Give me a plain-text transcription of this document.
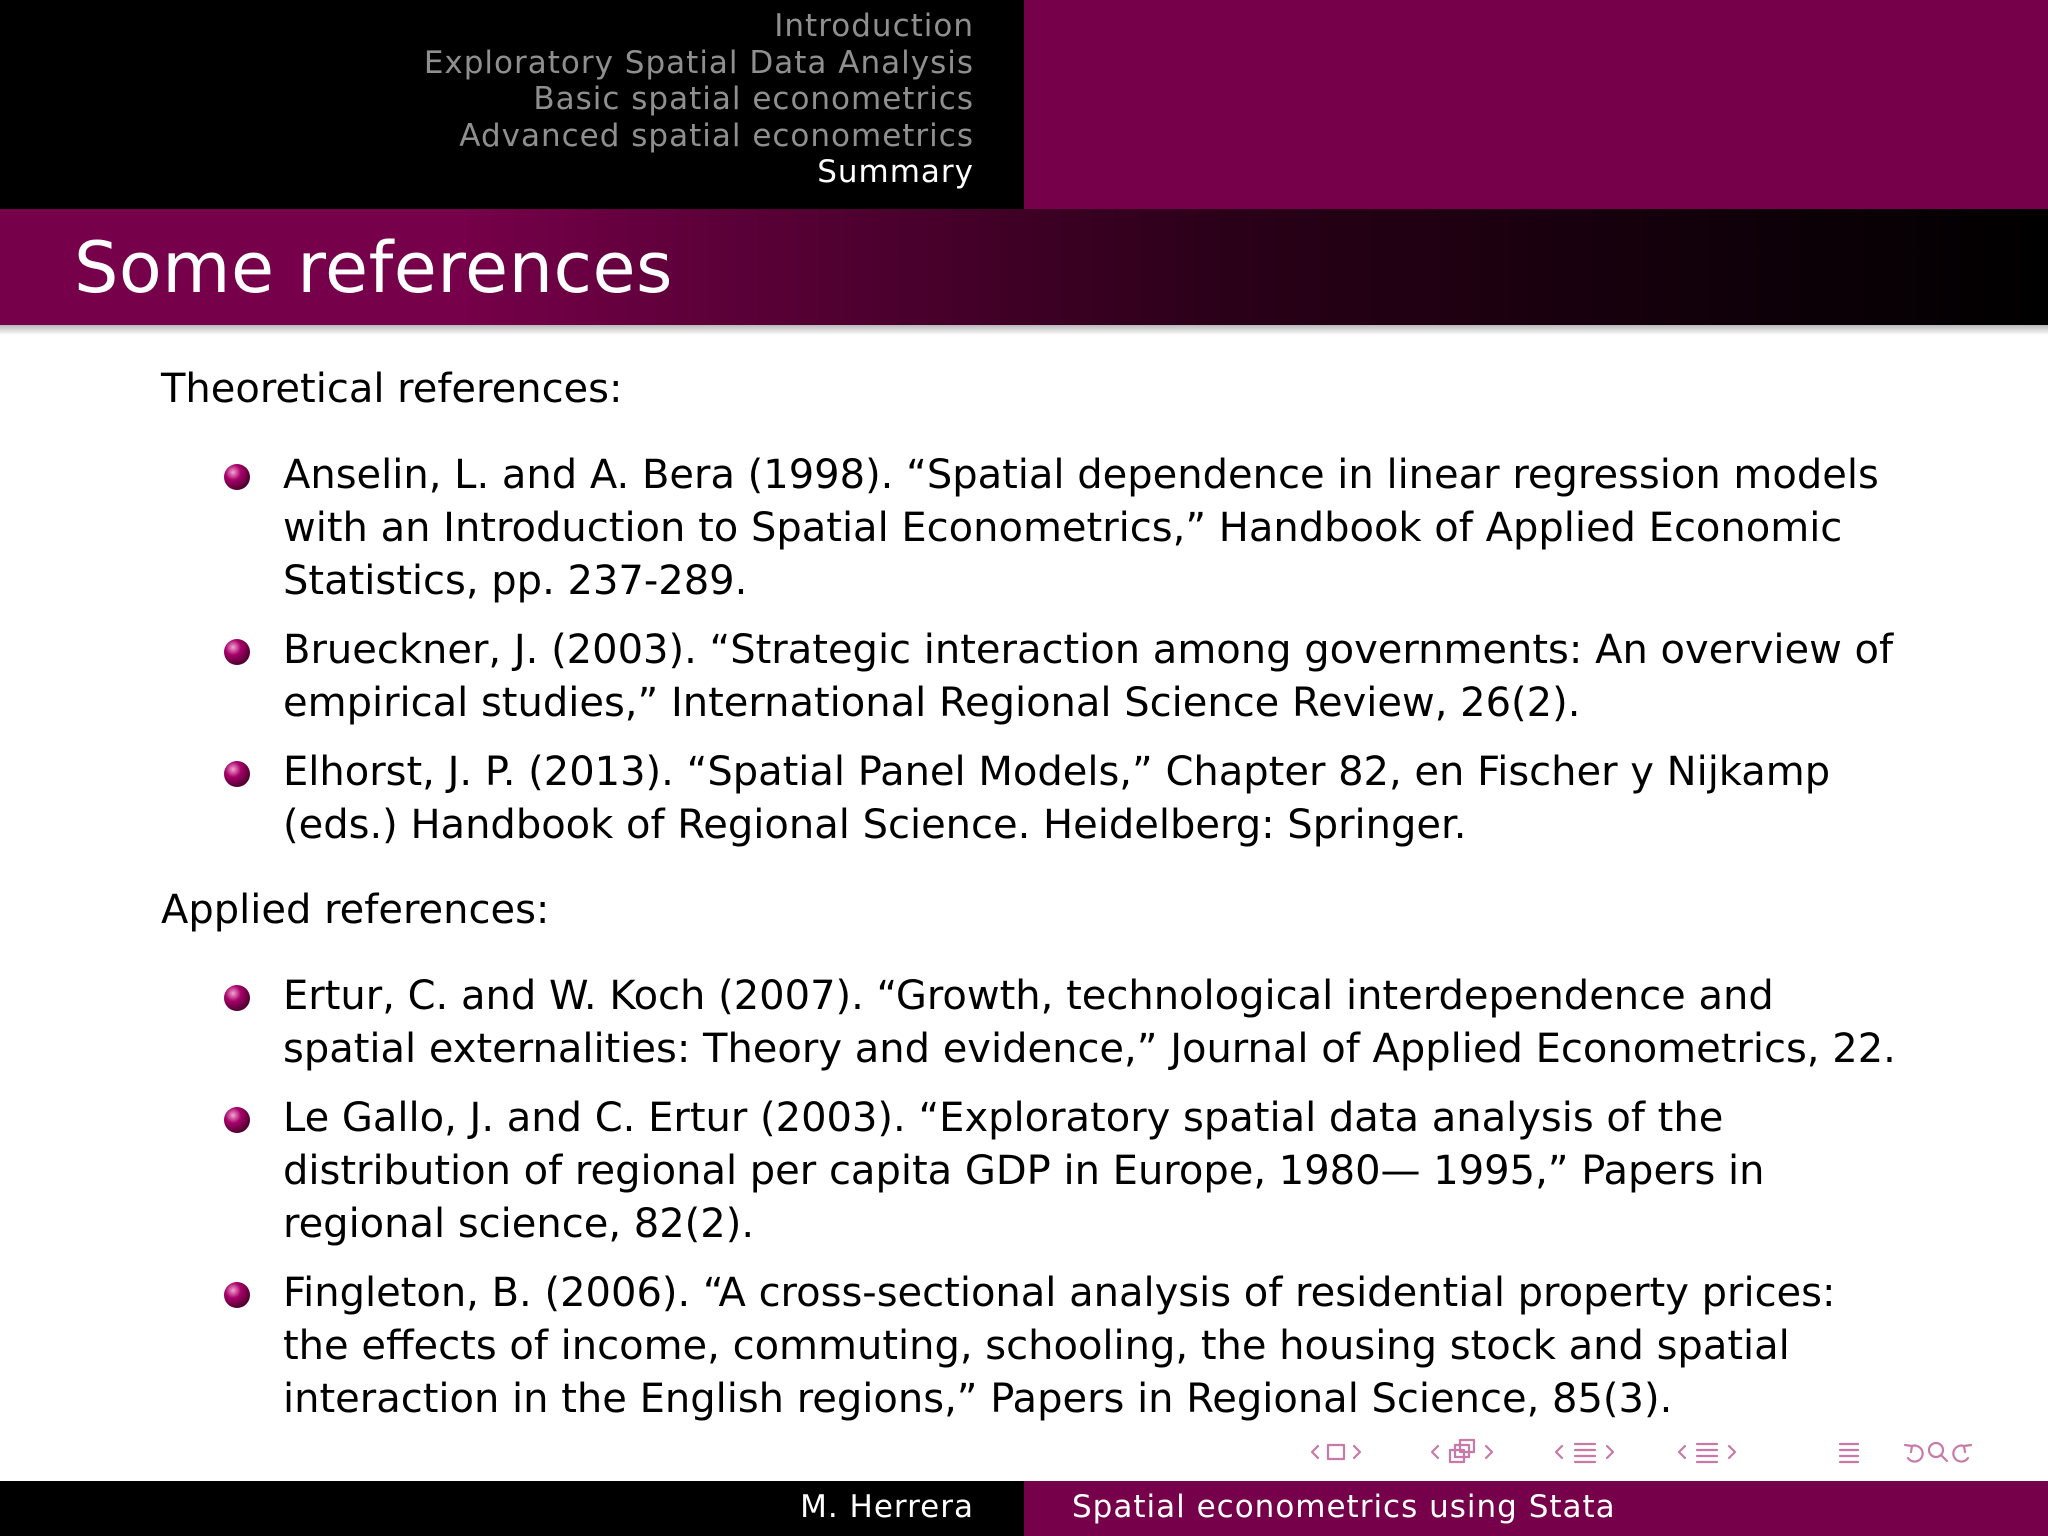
Introduction
Exploratory Spatial Data Analysis
Basic spatial econometrics
Advanced spatial econometrics
Summary
Some references
Theoretical references:
Anselin, L. and A. Bera (1998). “Spatial dependence in linear regression models with an Introduction to Spatial Econometrics,” Handbook of Applied Economic Statistics, pp. 237-289.
Brueckner, J. (2003). “Strategic interaction among governments: An overview of empirical studies,” International Regional Science Review, 26(2).
Elhorst, J. P. (2013). “Spatial Panel Models,” Chapter 82, en Fischer y Nijkamp (eds.) Handbook of Regional Science. Heidelberg: Springer.
Applied references:
Ertur, C. and W. Koch (2007). “Growth, technological interdependence and spatial externalities: Theory and evidence,” Journal of Applied Econometrics, 22.
Le Gallo, J. and C. Ertur (2003). “Exploratory spatial data analysis of the distribution of regional per capita GDP in Europe, 1980— 1995,” Papers in regional science, 82(2).
Fingleton, B. (2006). “A cross-sectional analysis of residential property prices: the effects of income, commuting, schooling, the housing stock and spatial interaction in the English regions,” Papers in Regional Science, 85(3).
M. Herrera	Spatial econometrics using Stata
